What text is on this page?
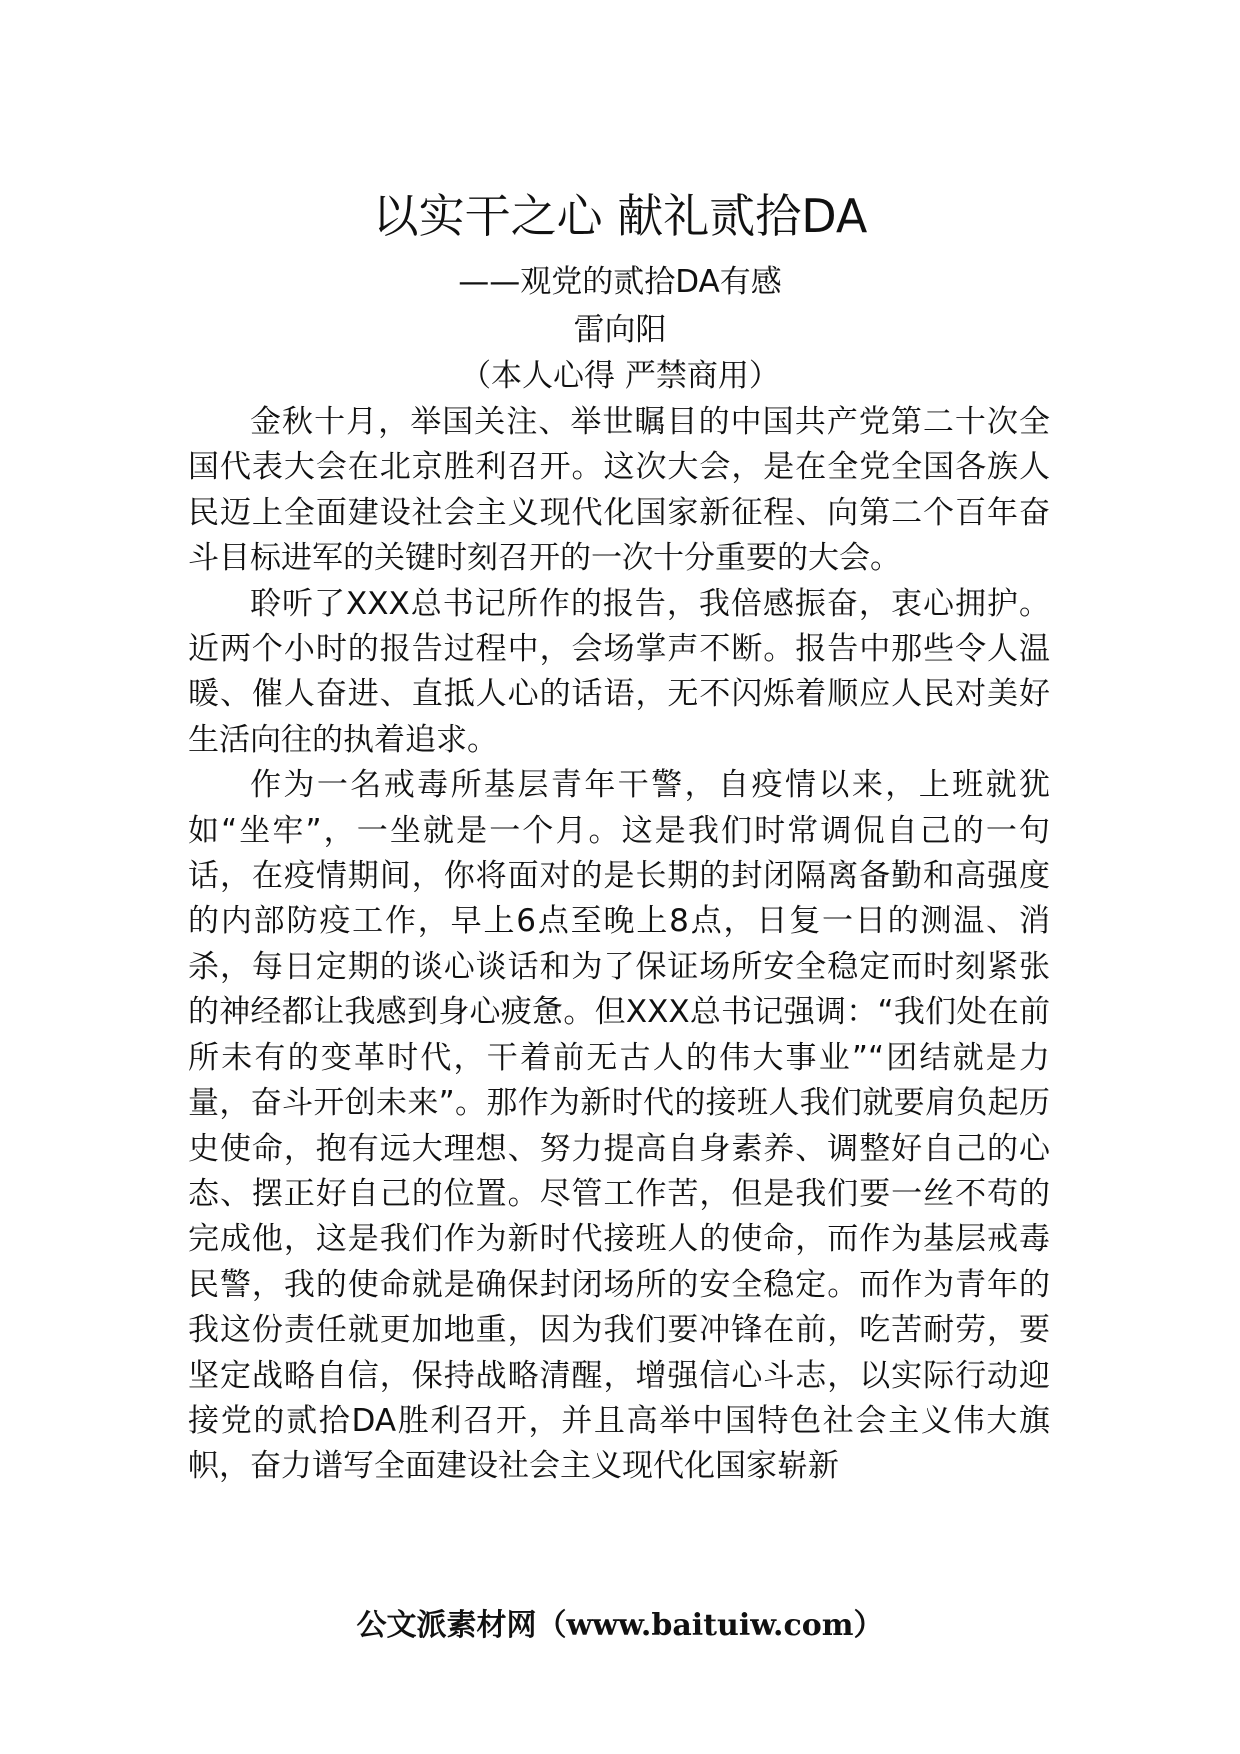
以实干之心 献礼贰拾DA
——观党的贰拾DA有感
雷向阳
（本人心得 严禁商用）

金秋十月，举国关注、举世瞩目的中国共产党第二十次全国代表大会在北京胜利召开。这次大会，是在全党全国各族人民迈上全面建设社会主义现代化国家新征程、向第二个百年奋斗目标进军的关键时刻召开的一次十分重要的大会。

聆听了XXX总书记所作的报告，我倍感振奋，衷心拥护。近两个小时的报告过程中，会场掌声不断。报告中那些令人温暖、催人奋进、直抵人心的话语，无不闪烁着顺应人民对美好生活向往的执着追求。

作为一名戒毒所基层青年干警，自疫情以来，上班就犹如“坐牢”，一坐就是一个月。这是我们时常调侃自己的一句话，在疫情期间，你将面对的是长期的封闭隔离备勤和高强度的内部防疫工作，早上6点至晚上8点，日复一日的测温、消杀，每日定期的谈心谈话和为了保证场所安全稳定而时刻紧张的神经都让我感到身心疲惫。但XXX总书记强调：“我们处在前所未有的变革时代，干着前无古人的伟大事业”“团结就是力量，奋斗开创未来”。那作为新时代的接班人我们就要肩负起历史使命，抱有远大理想、努力提高自身素养、调整好自己的心态、摆正好自己的位置。尽管工作苦，但是我们要一丝不苟的完成他，这是我们作为新时代接班人的使命，而作为基层戒毒民警，我的使命就是确保封闭场所的安全稳定。而作为青年的我这份责任就更加地重，因为我们要冲锋在前，吃苦耐劳，要坚定战略自信，保持战略清醒，增强信心斗志，以实际行动迎接党的贰拾DA胜利召开，并且高举中国特色社会主义伟大旗帜，奋力谱写全面建设社会主义现代化国家崭新

公文派素材网（www.baituiw.com）
